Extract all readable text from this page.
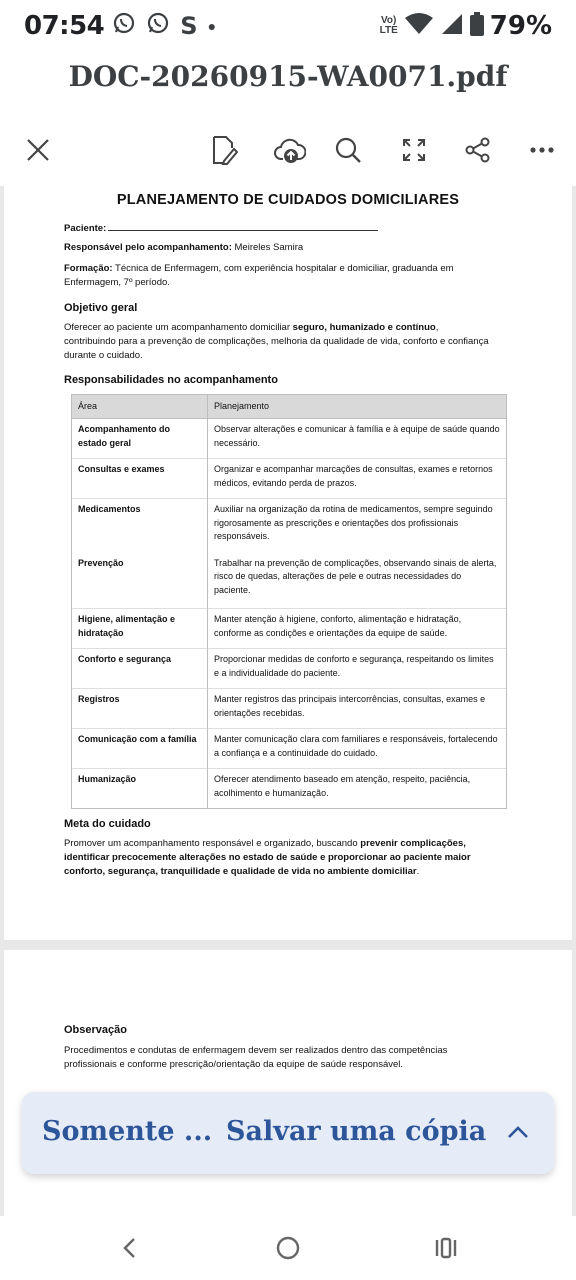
07:54	S ●	Vo)
LTE	79%
DOC-20260915-WA0071.pdf
PLANEJAMENTO DE CUIDADOS DOMICILIARES
Paciente:
Responsável pelo acompanhamento: Meireles Samira
Formação: Técnica de Enfermagem, com experiência hospitalar e domiciliar, graduanda em
Enfermagem, 7º período.
Objetivo geral
Oferecer ao paciente um acompanhamento domiciliar seguro, humanizado e contínuo,
contribuindo para a prevenção de complicações, melhoria da qualidade de vida, conforto e confiança
durante o cuidado.
Responsabilidades no acompanhamento
Área	Planejamento
Acompanhamento do estado geral	Observar alterações e comunicar à família e à equipe de saúde quando necessário.
Consultas e exames	Organizar e acompanhar marcações de consultas, exames e retornos médicos, evitando perda de prazos.
Medicamentos	Auxiliar na organização da rotina de medicamentos, sempre seguindo rigorosamente as prescrições e orientações dos profissionais responsáveis.
Prevenção	Trabalhar na prevenção de complicações, observando sinais de alerta, risco de quedas, alterações de pele e outras necessidades do paciente.
Higiene, alimentação e hidratação	Manter atenção à higiene, conforto, alimentação e hidratação, conforme as condições e orientações da equipe de saúde.
Conforto e segurança	Proporcionar medidas de conforto e segurança, respeitando os limites e a individualidade do paciente.
Registros	Manter registros das principais intercorrências, consultas, exames e orientações recebidas.
Comunicação com a família	Manter comunicação clara com familiares e responsáveis, fortalecendo a confiança e a continuidade do cuidado.
Humanização	Oferecer atendimento baseado em atenção, respeito, paciência, acolhimento e humanização.
Meta do cuidado
Promover um acompanhamento responsável e organizado, buscando prevenir complicações,
identificar precocemente alterações no estado de saúde e proporcionar ao paciente maior
conforto, segurança, tranquilidade e qualidade de vida no ambiente domiciliar.
Observação
Procedimentos e condutas de enfermagem devem ser realizados dentro das competências
profissionais e conforme prescrição/orientação da equipe de saúde responsável.
Somente ... Salvar uma cópia
